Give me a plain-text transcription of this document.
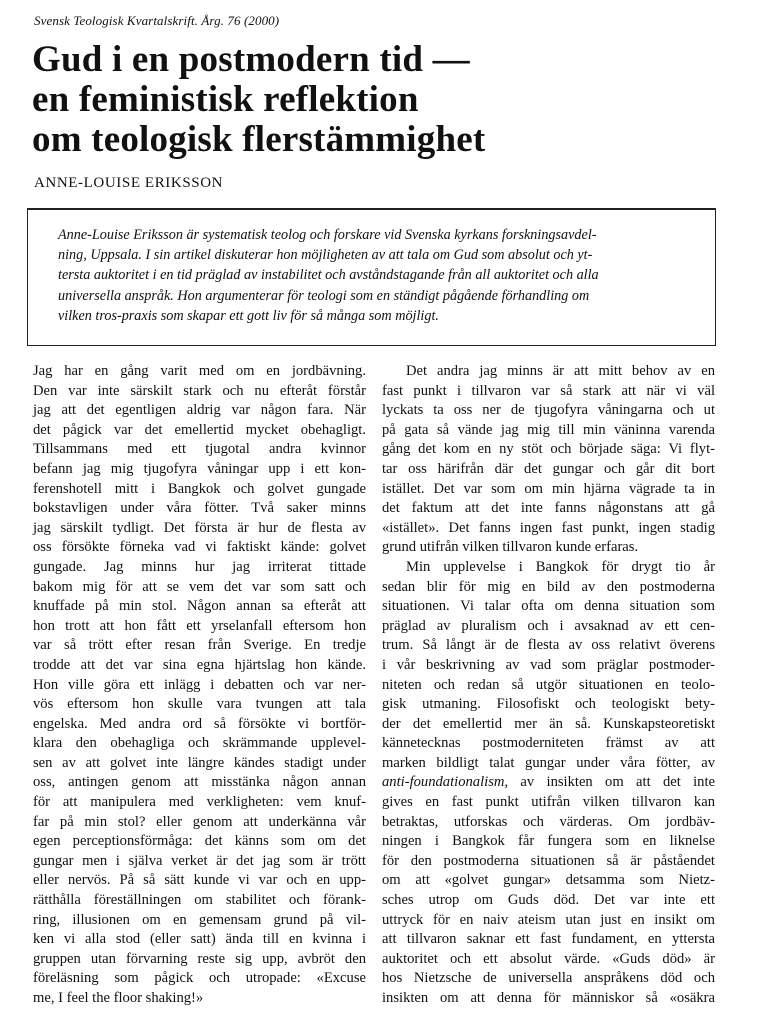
Svensk Teologisk Kvartalskrift. Årg. 76 (2000)
Gud i en postmodern tid —
en feministisk reflektion
om teologisk flerstämmighet
ANNE-LOUISE ERIKSSON

Anne-Louise Eriksson är systematisk teolog och forskare vid Svenska kyrkans forskningsavdel-
ning, Uppsala. I sin artikel diskuterar hon möjligheten av att tala om Gud som absolut och yt-
tersta auktoritet i en tid präglad av instabilitet och avståndstagande från all auktoritet och alla
universella anspråk. Hon argumenterar för teologi som en ständigt pågående förhandling om
vilken tros-praxis som skapar ett gott liv för så många som möjligt.

Jag har en gång varit med om en jordbävning.
Den var inte särskilt stark och nu efteråt förstår
jag att det egentligen aldrig var någon fara. När
det pågick var det emellertid mycket obehagligt.
Tillsammans med ett tjugotal andra kvinnor
befann jag mig tjugofyra våningar upp i ett kon-
ferenshotell mitt i Bangkok och golvet gungade
bokstavligen under våra fötter. Två saker minns
jag särskilt tydligt. Det första är hur de flesta av
oss försökte förneka vad vi faktiskt kände: golvet
gungade. Jag minns hur jag irriterat tittade
bakom mig för att se vem det var som satt och
knuffade på min stol. Någon annan sa efteråt att
hon trott att hon fått ett yrselanfall eftersom hon
var så trött efter resan från Sverige. En tredje
trodde att det var sina egna hjärtslag hon kände.
Hon ville göra ett inlägg i debatten och var ner-
vös eftersom hon skulle vara tvungen att tala
engelska. Med andra ord så försökte vi bortför-
klara den obehagliga och skrämmande upplevel-
sen av att golvet inte längre kändes stadigt under
oss, antingen genom att misstänka någon annan
för att manipulera med verkligheten: vem knuf-
far på min stol? eller genom att underkänna vår
egen perceptionsförmåga: det känns som om det
gungar men i själva verket är det jag som är trött
eller nervös. På så sätt kunde vi var och en upp-
rätthålla föreställningen om stabilitet och förank-
ring, illusionen om en gemensam grund på vil-
ken vi alla stod (eller satt) ända till en kvinna i
gruppen utan förvarning reste sig upp, avbröt den
föreläsning som pågick och utropade: «Excuse
me, I feel the floor shaking!»
Det andra jag minns är att mitt behov av en
fast punkt i tillvaron var så stark att när vi väl
lyckats ta oss ner de tjugofyra våningarna och ut
på gata så vände jag mig till min väninna varenda
gång det kom en ny stöt och började säga: Vi flyt-
tar oss härifrån där det gungar och går dit bort
istället. Det var som om min hjärna vägrade ta in
det faktum att det inte fanns någonstans att gå
«istället». Det fanns ingen fast punkt, ingen stadig
grund utifrån vilken tillvaron kunde erfaras.
Min upplevelse i Bangkok för drygt tio år
sedan blir för mig en bild av den postmoderna
situationen. Vi talar ofta om denna situation som
präglad av pluralism och i avsaknad av ett cen-
trum. Så långt är de flesta av oss relativt överens
i vår beskrivning av vad som präglar postmoder-
niteten och redan så utgör situationen en teolo-
gisk utmaning. Filosofiskt och teologiskt bety-
der det emellertid mer än så. Kunskapsteoretiskt
kännetecknas postmoderniteten främst av att
marken bildligt talat gungar under våra fötter, av
anti-foundationalism, av insikten om att det inte
gives en fast punkt utifrån vilken tillvaron kan
betraktas, utforskas och värderas. Om jordbäv-
ningen i Bangkok får fungera som en liknelse
för den postmoderna situationen så är påståendet
om att «golvet gungar» detsamma som Nietz-
sches utrop om Guds död. Det var inte ett
uttryck för en naiv ateism utan just en insikt om
att tillvaron saknar ett fast fundament, en yttersta
auktoritet och ett absolut värde. «Guds död» är
hos Nietzsche de universella anspråkens död och
insikten om att denna för människor så «osäkra
